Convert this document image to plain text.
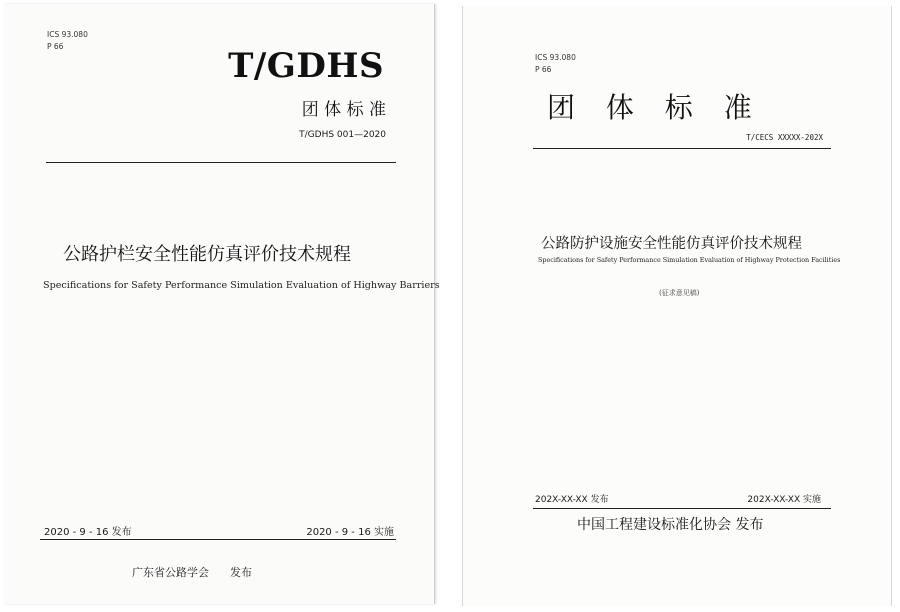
ICS 93.080
P 66	T/GDHS
团 体 标 准
T/GDHS 001—2020
公路护栏安全性能仿真评价技术规程
Specifications for Safety Performance Simulation Evaluation of Highway Barriers
2020 - 9 - 16 发布	2020 - 9 - 16 实施
广东省公路学会      发布
ICS 93.080
P 66
团 体 标 准
T/CECS XXXXX-202X
公路防护设施安全性能仿真评价技术规程
Specifications for Safety Performance Simulation Evaluation of Highway Protection Facilities
(征求意见稿)
202X-XX-XX 发布	202X-XX-XX 实施
中国工程建设标准化协会 发布
